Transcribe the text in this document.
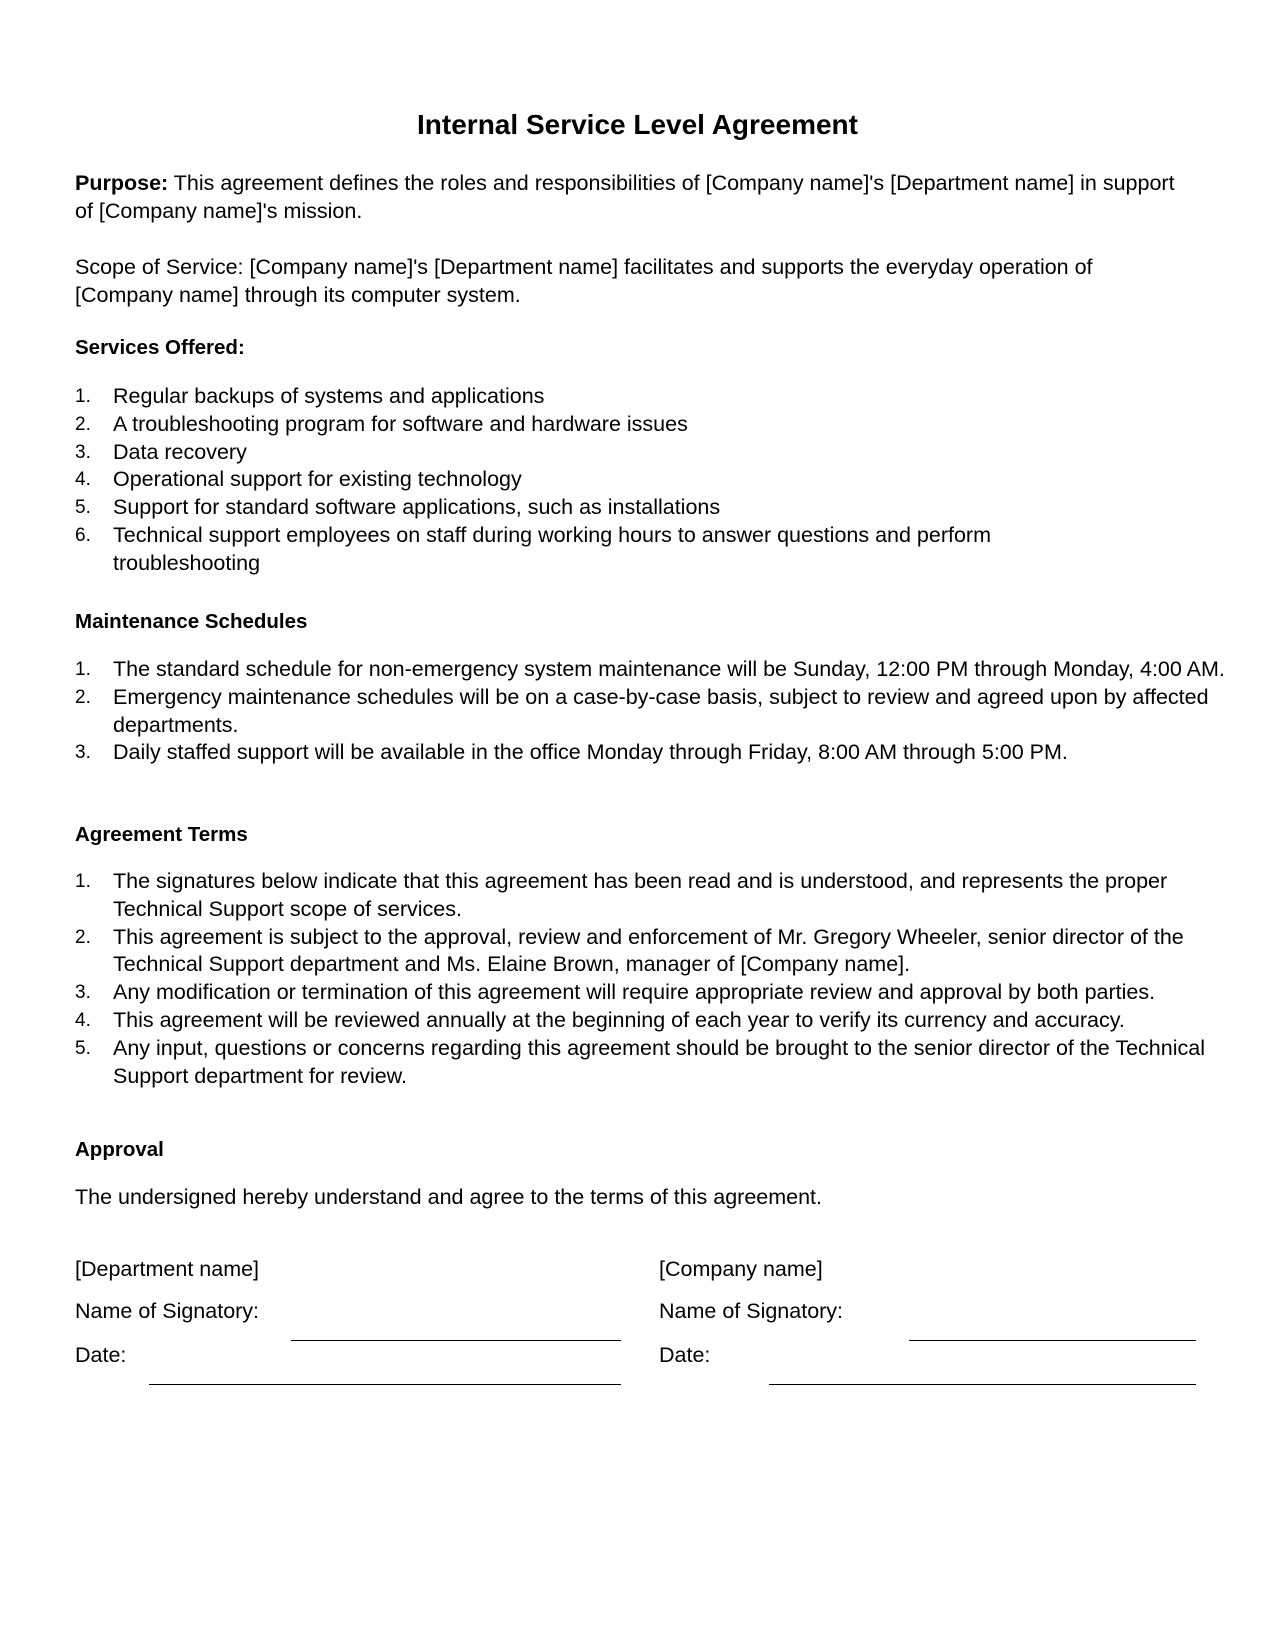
Internal Service Level Agreement
Purpose: This agreement defines the roles and responsibilities of [Company name]'s [Department name] in support of [Company name]'s mission.
Scope of Service: [Company name]'s [Department name] facilitates and supports the everyday operation of [Company name] through its computer system.
Services Offered:
1. Regular backups of systems and applications
2. A troubleshooting program for software and hardware issues
3. Data recovery
4. Operational support for existing technology
5. Support for standard software applications, such as installations
6. Technical support employees on staff during working hours to answer questions and perform troubleshooting
Maintenance Schedules
1. The standard schedule for non-emergency system maintenance will be Sunday, 12:00 PM through Monday, 4:00 AM.
2. Emergency maintenance schedules will be on a case-by-case basis, subject to review and agreed upon by affected departments.
3. Daily staffed support will be available in the office Monday through Friday, 8:00 AM through 5:00 PM.
Agreement Terms
1. The signatures below indicate that this agreement has been read and is understood, and represents the proper Technical Support scope of services.
2. This agreement is subject to the approval, review and enforcement of Mr. Gregory Wheeler, senior director of the Technical Support department and Ms. Elaine Brown, manager of [Company name].
3. Any modification or termination of this agreement will require appropriate review and approval by both parties.
4. This agreement will be reviewed annually at the beginning of each year to verify its currency and accuracy.
5. Any input, questions or concerns regarding this agreement should be brought to the senior director of the Technical Support department for review.
Approval
The undersigned hereby understand and agree to the terms of this agreement.
[Department name]
Name of Signatory:
Date:
[Company name]
Name of Signatory:
Date:
